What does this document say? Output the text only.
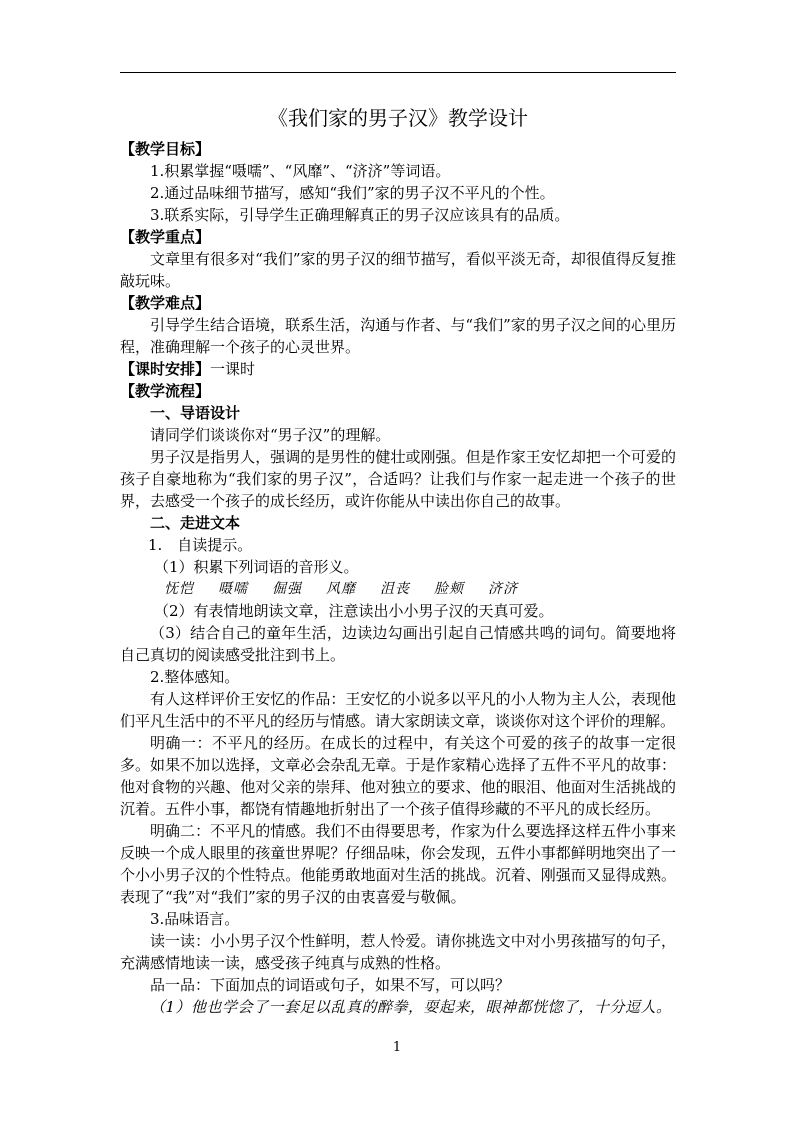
《我们家的男子汉》教学设计
【教学目标】
1.积累掌握“嗫嚅”、“风靡”、“济济”等词语。
2.通过品味细节描写，感知“我们”家的男子汉不平凡的个性。
3.联系实际，引导学生正确理解真正的男子汉应该具有的品质。
【教学重点】
文章里有很多对“我们”家的男子汉的细节描写，看似平淡无奇，却很值得反复推敲玩味。
【教学难点】
引导学生结合语境，联系生活，沟通与作者、与“我们”家的男子汉之间的心里历程，准确理解一个孩子的心灵世界。
【课时安排】一课时
【教学流程】
一、导语设计
请同学们谈谈你对“男子汉”的理解。
男子汉是指男人，强调的是男性的健壮或刚强。但是作家王安忆却把一个可爱的孩子自豪地称为“我们家的男子汉”，合适吗？让我们与作家一起走进一个孩子的世界，去感受一个孩子的成长经历，或许你能从中读出你自己的故事。
二、走进文本
1.　自读提示。
（1）积累下列词语的音形义。
怃恺 嗫嚅 倔强 风靡 沮丧 脸颊 济济
（2）有表情地朗读文章，注意读出小小男子汉的天真可爱。
（3）结合自己的童年生活，边读边勾画出引起自己情感共鸣的词句。简要地将自己真切的阅读感受批注到书上。
2.整体感知。
有人这样评价王安忆的作品：王安忆的小说多以平凡的小人物为主人公，表现他们平凡生活中的不平凡的经历与情感。请大家朗读文章，谈谈你对这个评价的理解。
明确一：不平凡的经历。在成长的过程中，有关这个可爱的孩子的故事一定很多。如果不加以选择，文章必会杂乱无章。于是作家精心选择了五件不平凡的故事：他对食物的兴趣、他对父亲的崇拜、他对独立的要求、他的眼泪、他面对生活挑战的沉着。五件小事，都饶有情趣地折射出了一个孩子值得珍藏的不平凡的成长经历。
明确二：不平凡的情感。我们不由得要思考，作家为什么要选择这样五件小事来反映一个成人眼里的孩童世界呢？仔细品味，你会发现，五件小事都鲜明地突出了一个小小男子汉的个性特点。他能勇敢地面对生活的挑战。沉着、刚强而又显得成熟。表现了“我”对“我们”家的男子汉的由衷喜爱与敬佩。
3.品味语言。
读一读：小小男子汉个性鲜明，惹人怜爱。请你挑选文中对小男孩描写的句子，充满感情地读一读，感受孩子纯真与成熟的性格。
品一品：下面加点的词语或句子，如果不写，可以吗？
（1）他也学会了一套足以乱真的醉拳，耍起来，眼神都恍惚了，十分逗人。
1
